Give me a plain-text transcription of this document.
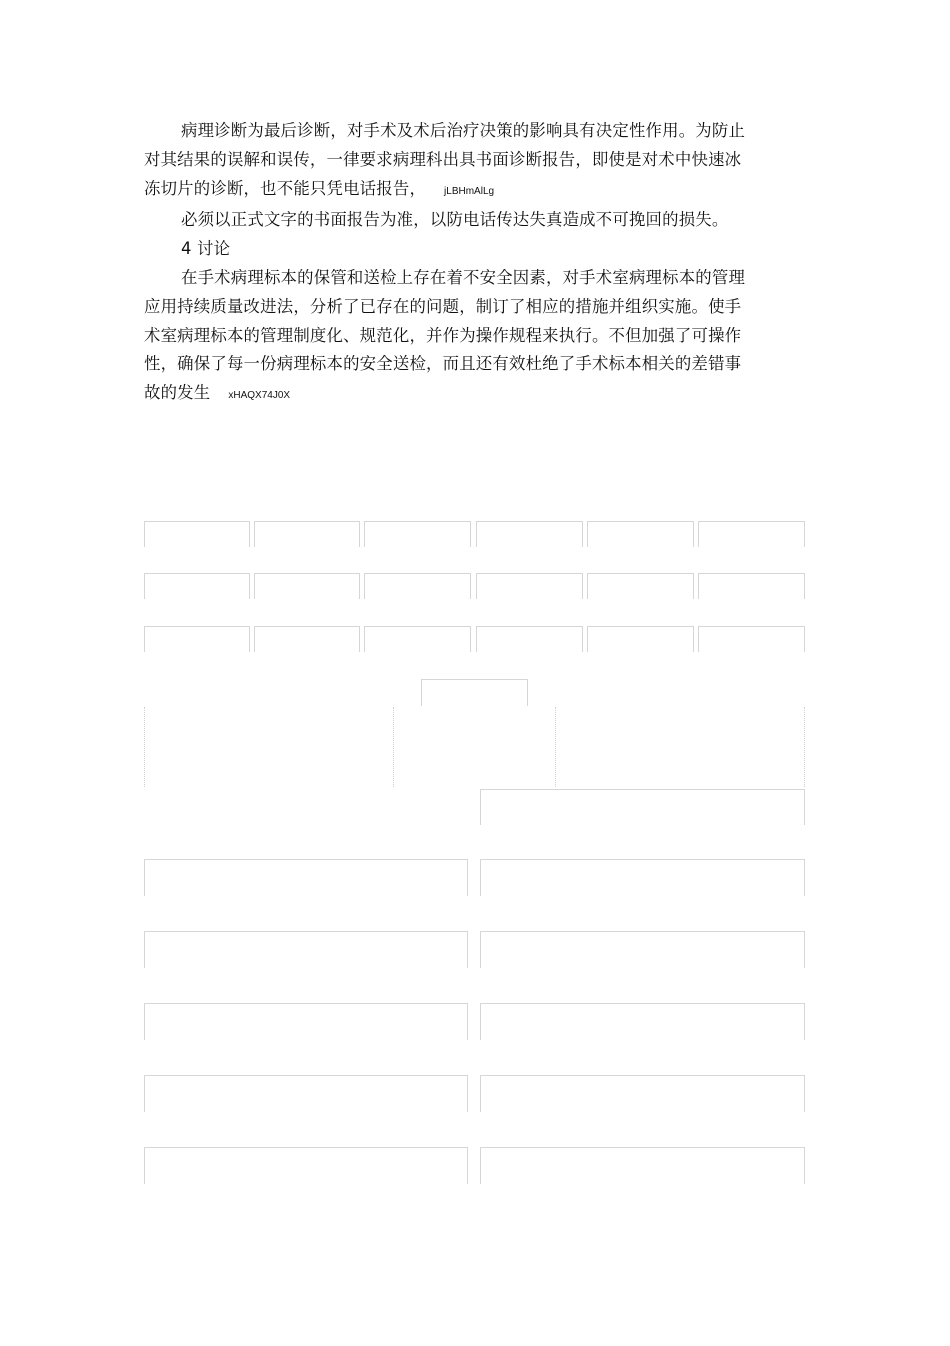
病理诊断为最后诊断，对手术及术后治疗决策的影响具有决定性作用。为防止对其结果的误解和误传，一律要求病理科出具书面诊断报告，即使是对术中快速冰冻切片的诊断，也不能只凭电话报告， jLBHmAlLg

必须以正式文字的书面报告为准，以防电话传达失真造成不可挽回的损失。

4 讨论

在手术病理标本的保管和送检上存在着不安全因素，对手术室病理标本的管理应用持续质量改进法，分析了已存在的问题，制订了相应的措施并组织实施。使手术室病理标本的管理制度化、规范化，并作为操作规程来执行。不但加强了可操作性，确保了每一份病理标本的安全送检，而且还有效杜绝了手术标本相关的差错事故的发生 xHAQX74J0X
